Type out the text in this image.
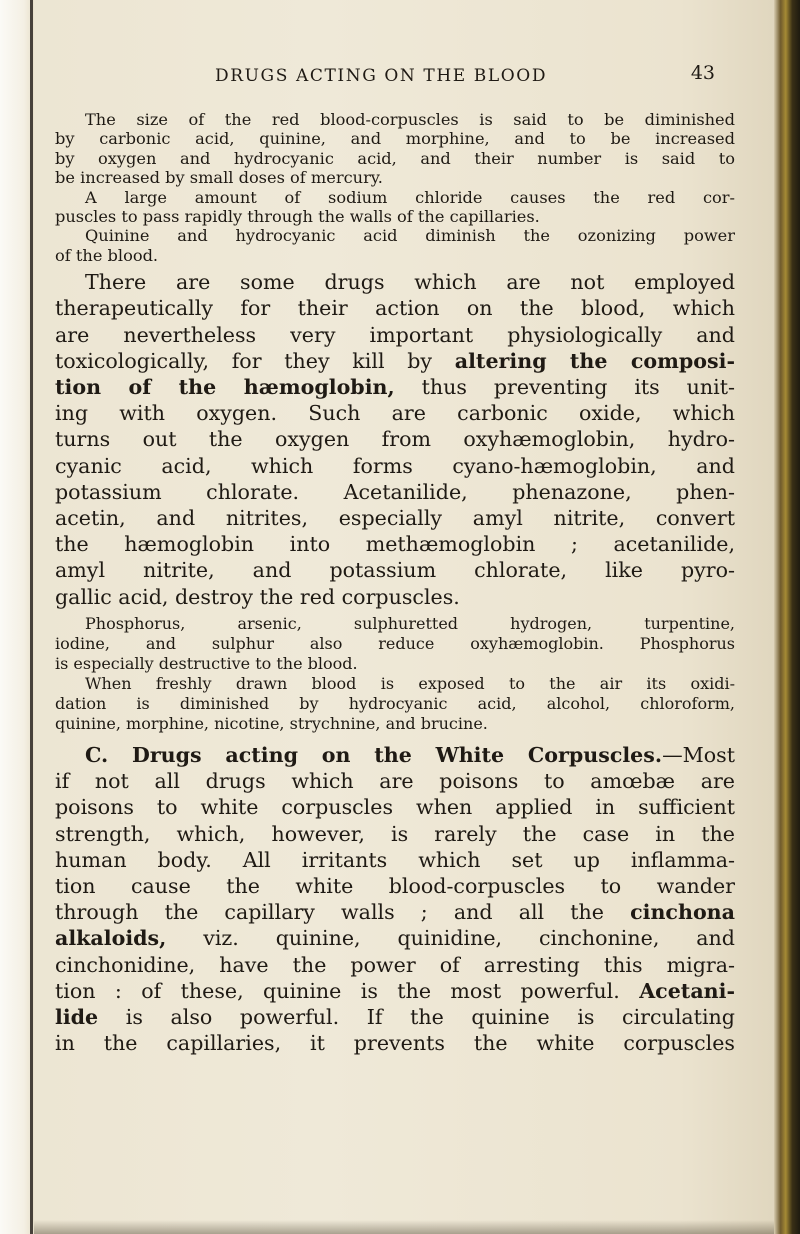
DRUGS ACTING ON THE BLOOD	43
The size of the red blood-corpuscles is said to be diminished
by carbonic acid, quinine, and morphine, and to be increased
by oxygen and hydrocyanic acid, and their number is said to
be increased by small doses of mercury.
A large amount of sodium chloride causes the red cor-
puscles to pass rapidly through the walls of the capillaries.
Quinine and hydrocyanic acid diminish the ozonizing power
of the blood.
There are some drugs which are not employed
therapeutically for their action on the blood, which
are nevertheless very important physiologically and
toxicologically, for they kill by altering the composi-
tion of the hæmoglobin, thus preventing its unit-
ing with oxygen. Such are carbonic oxide, which
turns out the oxygen from oxyhæmoglobin, hydro-
cyanic acid, which forms cyano-hæmoglobin, and
potassium chlorate. Acetanilide, phenazone, phen-
acetin, and nitrites, especially amyl nitrite, convert
the hæmoglobin into methæmoglobin ; acetanilide,
amyl nitrite, and potassium chlorate, like pyro-
gallic acid, destroy the red corpuscles.
Phosphorus, arsenic, sulphuretted hydrogen, turpentine,
iodine, and sulphur also reduce oxyhæmoglobin. Phosphorus
is especially destructive to the blood.
When freshly drawn blood is exposed to the air its oxidi-
dation is diminished by hydrocyanic acid, alcohol, chloroform,
quinine, morphine, nicotine, strychnine, and brucine.
C. Drugs acting on the White Corpuscles.—Most
if not all drugs which are poisons to amœbæ are
poisons to white corpuscles when applied in sufficient
strength, which, however, is rarely the case in the
human body. All irritants which set up inflamma-
tion cause the white blood-corpuscles to wander
through the capillary walls ; and all the cinchona
alkaloids, viz. quinine, quinidine, cinchonine, and
cinchonidine, have the power of arresting this migra-
tion : of these, quinine is the most powerful. Acetani-
lide is also powerful. If the quinine is circulating
in the capillaries, it prevents the white corpuscles
